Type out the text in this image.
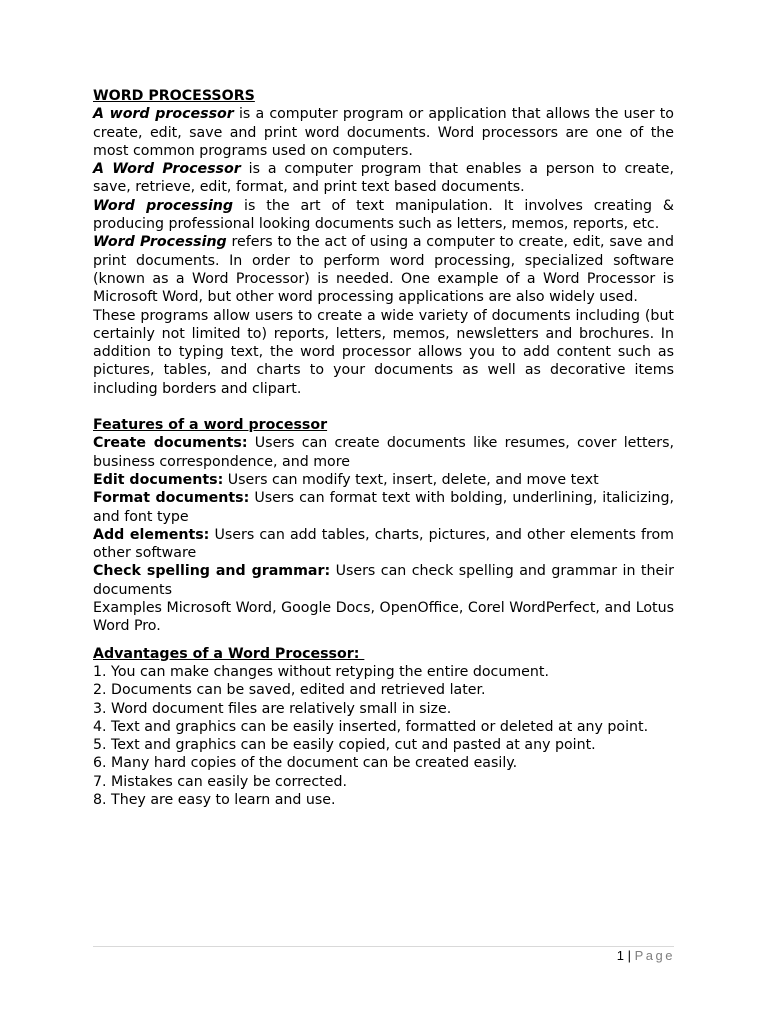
WORD PROCESSORS

A word processor is a computer program or application that allows the user to create, edit, save and print word documents. Word processors are one of the most common programs used on computers.

A Word Processor is a computer program that enables a person to create, save, retrieve, edit, format, and print text based documents.

Word processing is the art of text manipulation. It involves creating & producing professional looking documents such as letters, memos, reports, etc.

Word Processing refers to the act of using a computer to create, edit, save and print documents. In order to perform word processing, specialized software (known as a Word Processor) is needed. One example of a Word Processor is Microsoft Word, but other word processing applications are also widely used.

These programs allow users to create a wide variety of documents including (but certainly not limited to) reports, letters, memos, newsletters and brochures. In addition to typing text, the word processor allows you to add content such as pictures, tables, and charts to your documents as well as decorative items including borders and clipart.

Features of a word processor

Create documents: Users can create documents like resumes, cover letters, business correspondence, and more

Edit documents: Users can modify text, insert, delete, and move text

Format documents: Users can format text with bolding, underlining, italicizing, and font type

Add elements: Users can add tables, charts, pictures, and other elements from other software

Check spelling and grammar: Users can check spelling and grammar in their documents

Examples Microsoft Word, Google Docs, OpenOffice, Corel WordPerfect, and Lotus Word Pro.

Advantages of a Word Processor:

1. You can make changes without retyping the entire document.

2. Documents can be saved, edited and retrieved later.

3. Word document files are relatively small in size.

4. Text and graphics can be easily inserted, formatted or deleted at any point.

5. Text and graphics can be easily copied, cut and pasted at any point.

6. Many hard copies of the document can be created easily.

7. Mistakes can easily be corrected.

8. They are easy to learn and use.

1 | Page
